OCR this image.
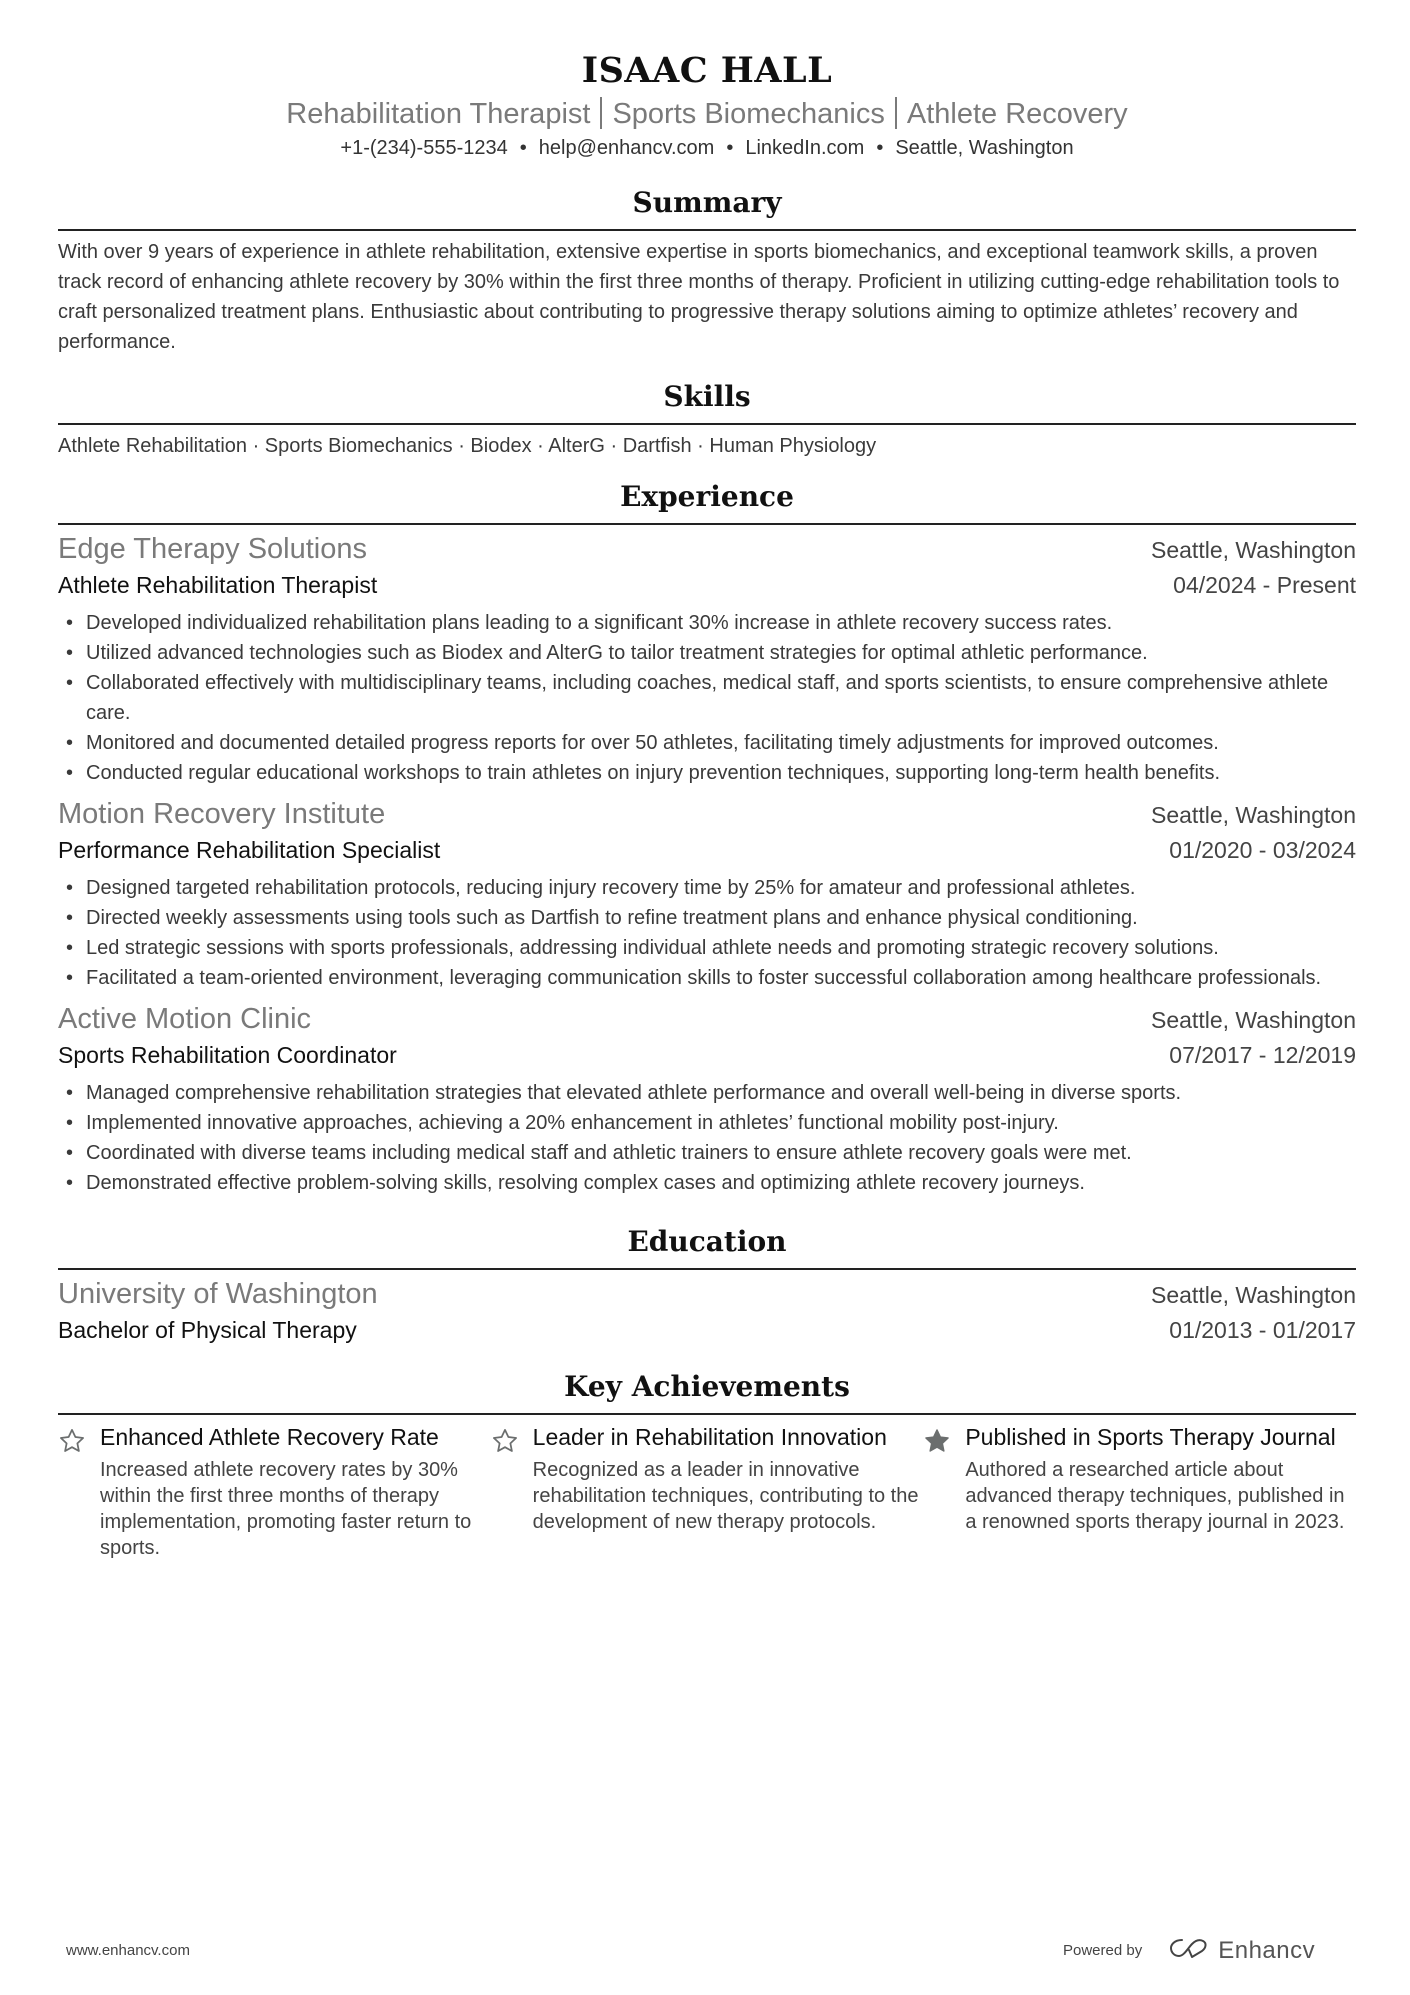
ISAAC HALL
Rehabilitation Therapist Sports Biomechanics Athlete Recovery
+1-(234)-555-1234 • help@enhancv.com • LinkedIn.com • Seattle, Washington
Summary
With over 9 years of experience in athlete rehabilitation, extensive expertise in sports biomechanics, and exceptional teamwork skills, a proven track record of enhancing athlete recovery by 30% within the first three months of therapy. Proficient in utilizing cutting-edge rehabilitation tools to craft personalized treatment plans. Enthusiastic about contributing to progressive therapy solutions aiming to optimize athletes’ recovery and performance.
Skills
Athlete Rehabilitation · Sports Biomechanics · Biodex · AlterG · Dartfish · Human Physiology
Experience
Edge Therapy Solutions	Seattle, Washington
Athlete Rehabilitation Therapist	04/2024 - Present
• Developed individualized rehabilitation plans leading to a significant 30% increase in athlete recovery success rates.
• Utilized advanced technologies such as Biodex and AlterG to tailor treatment strategies for optimal athletic performance.
• Collaborated effectively with multidisciplinary teams, including coaches, medical staff, and sports scientists, to ensure comprehensive athlete care.
• Monitored and documented detailed progress reports for over 50 athletes, facilitating timely adjustments for improved outcomes.
• Conducted regular educational workshops to train athletes on injury prevention techniques, supporting long-term health benefits.
Motion Recovery Institute	Seattle, Washington
Performance Rehabilitation Specialist	01/2020 - 03/2024
• Designed targeted rehabilitation protocols, reducing injury recovery time by 25% for amateur and professional athletes.
• Directed weekly assessments using tools such as Dartfish to refine treatment plans and enhance physical conditioning.
• Led strategic sessions with sports professionals, addressing individual athlete needs and promoting strategic recovery solutions.
• Facilitated a team-oriented environment, leveraging communication skills to foster successful collaboration among healthcare professionals.
Active Motion Clinic	Seattle, Washington
Sports Rehabilitation Coordinator	07/2017 - 12/2019
• Managed comprehensive rehabilitation strategies that elevated athlete performance and overall well-being in diverse sports.
• Implemented innovative approaches, achieving a 20% enhancement in athletes’ functional mobility post-injury.
• Coordinated with diverse teams including medical staff and athletic trainers to ensure athlete recovery goals were met.
• Demonstrated effective problem-solving skills, resolving complex cases and optimizing athlete recovery journeys.
Education
University of Washington	Seattle, Washington
Bachelor of Physical Therapy	01/2013 - 01/2017
Key Achievements
Enhanced Athlete Recovery Rate
Increased athlete recovery rates by 30% within the first three months of therapy implementation, promoting faster return to sports.
Leader in Rehabilitation Innovation
Recognized as a leader in innovative rehabilitation techniques, contributing to the development of new therapy protocols.
Published in Sports Therapy Journal
Authored a researched article about advanced therapy techniques, published in a renowned sports therapy journal in 2023.
www.enhancv.com	Powered by	Enhancv
